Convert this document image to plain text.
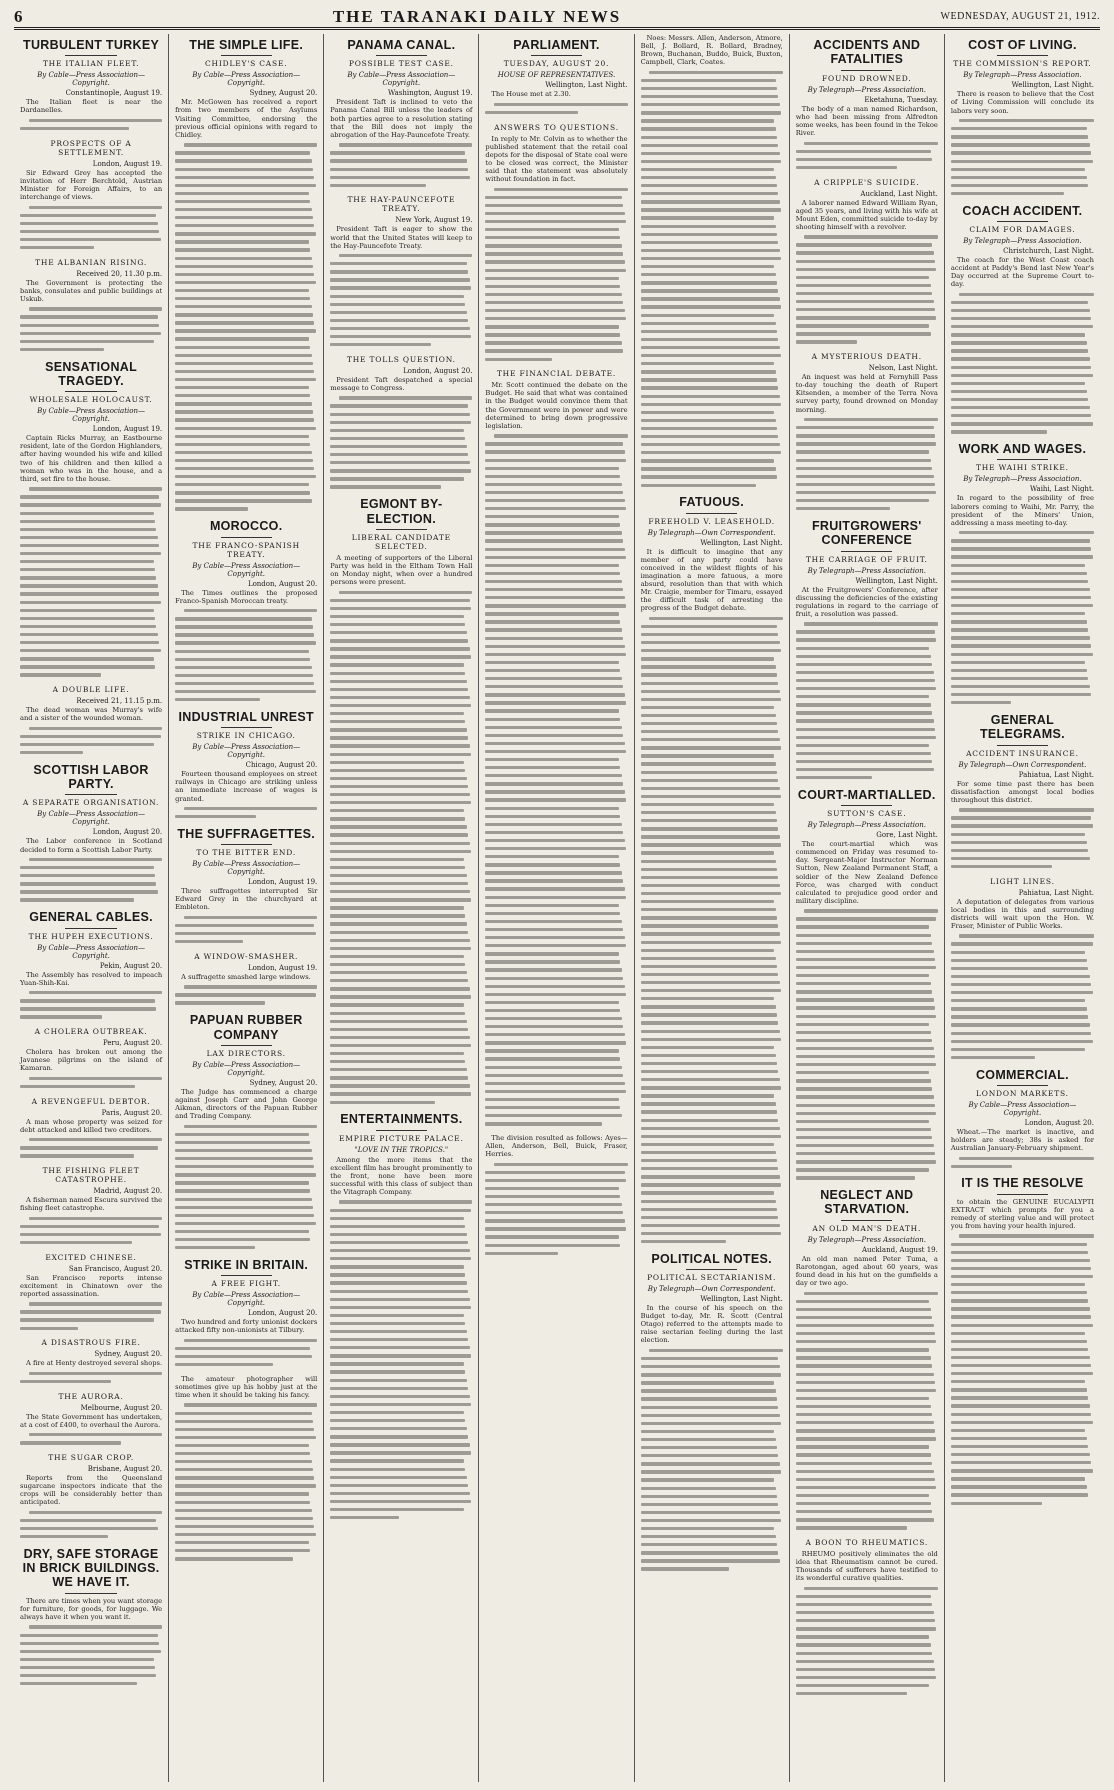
6	THE TARANAKI DAILY NEWS	WEDNESDAY, AUGUST 21, 1912.
TURBULENT TURKEY
THE ITALIAN FLEET.
By Cable—Press Association—Copyright.
Constantinople, August 19.

The Italian fleet is near the Dardanelles.

PROSPECTS OF A SETTLEMENT.
London, August 19.

Sir Edward Grey has accepted the invitation of Herr Berchtold, Austrian Minister for Foreign Affairs, to an interchange of views.

THE ALBANIAN RISING.
Received 20, 11.30 p.m.

The Government is protecting the banks, consulates and public buildings at Uskub.

SENSATIONAL TRAGEDY.
WHOLESALE HOLOCAUST.
By Cable—Press Association—Copyright.
London, August 19.

Captain Ricks Murray, an Eastbourne resident, late of the Gordon Highlanders, after having wounded his wife and killed two of his children and then killed a woman who was in the house, and a third, set fire to the house.

A DOUBLE LIFE.
Received 21, 11.15 p.m.

The dead woman was Murray's wife and a sister of the wounded woman.

SCOTTISH LABOR PARTY.
A SEPARATE ORGANISATION.
By Cable—Press Association—Copyright.
London, August 20.

The Labor conference in Scotland decided to form a Scottish Labor Party.

GENERAL CABLES.
THE HUPEH EXECUTIONS.
By Cable—Press Association—Copyright.
Pekin, August 20.

The Assembly has resolved to impeach Yuan-Shih-Kai.

A CHOLERA OUTBREAK.
Peru, August 20.

Cholera has broken out among the Javanese pilgrims on the island of Kamaran.

A REVENGEFUL DEBTOR.
Paris, August 20.

A man whose property was seized for debt attacked and killed two creditors.

THE FISHING FLEET CATASTROPHE.
Madrid, August 20.

A fisherman named Escura survived the fishing fleet catastrophe.

EXCITED CHINESE.
San Francisco, August 20.

San Francisco reports intense excitement in Chinatown over the reported assassination.

A DISASTROUS FIRE.
Sydney, August 20.

A fire at Henty destroyed several shops.

THE AURORA.
Melbourne, August 20.

The State Government has undertaken, at a cost of £400, to overhaul the Aurora.

THE SUGAR CROP.
Brisbane, August 20.

Reports from the Queensland sugarcane inspectors indicate that the crops will be considerably better than anticipated.

DRY, SAFE STORAGE IN BRICK BUILDINGS. WE HAVE IT.

There are times when you want storage for furniture, for goods, for luggage. We always have it when you want it.

THE SIMPLE LIFE.
CHIDLEY'S CASE.
By Cable—Press Association—Copyright.
Sydney, August 20.

Mr. McGowen has received a report from two members of the Asylums Visiting Committee, endorsing the previous official opinions with regard to Chidley.

MOROCCO.
THE FRANCO-SPANISH TREATY.
By Cable—Press Association—Copyright.
London, August 20.

The Times outlines the proposed Franco-Spanish Moroccan treaty.

INDUSTRIAL UNREST
STRIKE IN CHICAGO.
By Cable—Press Association—Copyright.
Chicago, August 20.

Fourteen thousand employees on street railways in Chicago are striking unless an immediate increase of wages is granted.

THE SUFFRAGETTES.
TO THE BITTER END.
By Cable—Press Association—Copyright.
London, August 19.

Three suffragettes interrupted Sir Edward Grey in the churchyard at Embleton.

A WINDOW-SMASHER.
London, August 19.

A suffragette smashed large windows.

PAPUAN RUBBER COMPANY
LAX DIRECTORS.
By Cable—Press Association—Copyright.
Sydney, August 20.

The Judge has commenced a charge against Joseph Carr and John George Aikman, directors of the Papuan Rubber and Trading Company.

STRIKE IN BRITAIN.
A FREE FIGHT.
By Cable—Press Association—Copyright.
London, August 20.

Two hundred and forty unionist dockers attacked fifty non-unionists at Tilbury.

The amateur photographer will sometimes give up his hobby just at the time when it should be taking his fancy.

PANAMA CANAL.
POSSIBLE TEST CASE.
By Cable—Press Association—Copyright.
Washington, August 19.

President Taft is inclined to veto the Panama Canal Bill unless the leaders of both parties agree to a resolution stating that the Bill does not imply the abrogation of the Hay-Pauncefote Treaty.

THE HAY-PAUNCEFOTE TREATY.
New York, August 19.

President Taft is eager to show the world that the United States will keep to the Hay-Pauncefote Treaty.

THE TOLLS QUESTION.
London, August 20.

President Taft despatched a special message to Congress.

EGMONT BY-ELECTION.
LIBERAL CANDIDATE SELECTED.

A meeting of supporters of the Liberal Party was held in the Eltham Town Hall on Monday night, when over a hundred persons were present.

ENTERTAINMENTS.
EMPIRE PICTURE PALACE.
"LOVE IN THE TROPICS."

Among the more items that the excellent film has brought prominently to the front, none have been more successful with this class of subject than the Vitagraph Company.

PARLIAMENT.
TUESDAY, AUGUST 20.
HOUSE OF REPRESENTATIVES.
Wellington, Last Night.

The House met at 2.30.

ANSWERS TO QUESTIONS.

In reply to Mr. Colvin as to whether the published statement that the retail coal depots for the disposal of State coal were to be closed was correct, the Minister said that the statement was absolutely without foundation in fact.

THE FINANCIAL DEBATE.

Mr. Scott continued the debate on the Budget. He said that what was contained in the Budget would convince them that the Government were in power and were determined to bring down progressive legislation.

The division resulted as follows: Ayes—Allen, Anderson, Bell, Buick, Fraser, Herries.

Noes: Messrs. Allen, Anderson, Atmore, Bell, J. Bollard, R. Bollard, Bradney, Brown, Buchanan, Buddo, Buick, Buxton, Campbell, Clark, Coates.

FATUOUS.
FREEHOLD V. LEASEHOLD.
By Telegraph—Own Correspondent.
Wellington, Last Night.

It is difficult to imagine that any member of any party could have conceived in the wildest flights of his imagination a more fatuous, a more absurd, resolution than that with which Mr. Craigie, member for Timaru, essayed the difficult task of arresting the progress of the Budget debate.

POLITICAL NOTES.
POLITICAL SECTARIANISM.
By Telegraph—Own Correspondent.
Wellington, Last Night.

In the course of his speech on the Budget to-day, Mr. R. Scott (Central Otago) referred to the attempts made to raise sectarian feeling during the last election.

ACCIDENTS AND FATALITIES
FOUND DROWNED.
By Telegraph—Press Association.
Eketahuna, Tuesday.

The body of a man named Richardson, who had been missing from Alfredton some weeks, has been found in the Tekoe River.

A CRIPPLE'S SUICIDE.
Auckland, Last Night.

A laborer named Edward William Ryan, aged 35 years, and living with his wife at Mount Eden, committed suicide to-day by shooting himself with a revolver.

A MYSTERIOUS DEATH.
Nelson, Last Night.

An inquest was held at Fernyhill Pass to-day touching the death of Rupert Kitsenden, a member of the Terra Nova survey party, found drowned on Monday morning.

FRUITGROWERS' CONFERENCE
THE CARRIAGE OF FRUIT.
By Telegraph—Press Association.
Wellington, Last Night.

At the Fruitgrowers' Conference, after discussing the deficiencies of the existing regulations in regard to the carriage of fruit, a resolution was passed.

COURT-MARTIALLED.
SUTTON'S CASE.
By Telegraph—Press Association.
Gore, Last Night.

The court-martial which was commenced on Friday was resumed to-day. Sergeant-Major Instructor Norman Sutton, New Zealand Permanent Staff, a soldier of the New Zealand Defence Force, was charged with conduct calculated to prejudice good order and military discipline.

NEGLECT AND STARVATION.
AN OLD MAN'S DEATH.
By Telegraph—Press Association.
Auckland, August 19.

An old man named Peter Tuma, a Rarotongan, aged about 60 years, was found dead in his hut on the gumfields a day or two ago.

A BOON TO RHEUMATICS.

RHEUMO positively eliminates the old idea that Rheumatism cannot be cured. Thousands of sufferers have testified to its wonderful curative qualities.

COST OF LIVING.
THE COMMISSION'S REPORT.
By Telegraph—Press Association.
Wellington, Last Night.

There is reason to believe that the Cost of Living Commission will conclude its labors very soon.

COACH ACCIDENT.
CLAIM FOR DAMAGES.
By Telegraph—Press Association.
Christchurch, Last Night.

The coach for the West Coast coach accident at Paddy's Bend last New Year's Day occurred at the Supreme Court to-day.

WORK AND WAGES.
THE WAIHI STRIKE.
By Telegraph—Press Association.
Waihi, Last Night.

In regard to the possibility of free laborers coming to Waihi, Mr. Parry, the president of the Miners' Union, addressing a mass meeting to-day.

GENERAL TELEGRAMS.
ACCIDENT INSURANCE.
By Telegraph—Own Correspondent.
Pahiatua, Last Night.

For some time past there has been dissatisfaction amongst local bodies throughout this district.

LIGHT LINES.
Pahiatua, Last Night.

A deputation of delegates from various local bodies in this and surrounding districts will wait upon the Hon. W. Fraser, Minister of Public Works.

COMMERCIAL.
LONDON MARKETS.
By Cable—Press Association—Copyright.
London, August 20.

Wheat.—The market is inactive, and holders are steady; 38s is asked for Australian January-February shipment.

IT IS THE RESOLVE

to obtain the GENUINE EUCALYPTI EXTRACT which prompts for you a remedy of sterling value and will protect you from having your health injured.
